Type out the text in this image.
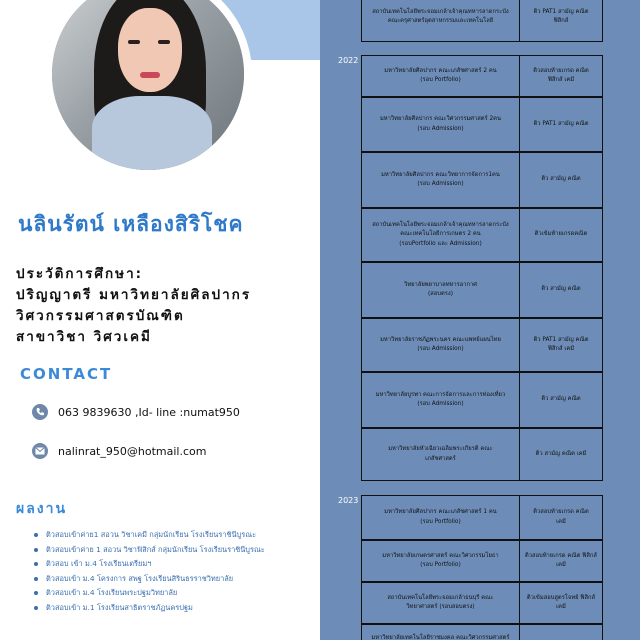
นลินรัตน์ เหลืองสิริโชค
ประวัติการศึกษา:
ปริญญาตรี มหาวิทยาลัยศิลปากร
วิศวกรรมศาสตรบัณฑิต
สาขาวิชา วิศวเคมี
CONTACT
063 9839630 ,Id- line :numat950
nalinrat_950@hotmail.com
ผลงาน
ติวสอบเข้าค่าย1 สอวน วิชาเคมี กลุ่มนักเรียน โรงเรียนราชินีบูรณะ
ติวสอบเข้าค่าย 1 สอวน วิชาฟิสิกส์ กลุ่มนักเรียน โรงเรียนราชินีบูรณะ
ติวสอบ เข้า ม.4 โรงเรียนเตรียมฯ
ติวสอบเข้า ม.4 โครงการ สพฐ โรงเรียนสิรินธรราชวิทยาลัย
ติวสอบเข้า ม.4 โรงเรียนพระปฐมวิทยาลัย
ติวสอบเข้า ม.1 โรงเรียนสาธิตราชภัฏนครปฐม
2022
2023
สถาบันเทคโนโลยีพระจอมเกล้าเจ้าคุณทหารลาดกระบัง
คณะครุศาสตร์อุตสาหกรรมและเทคโนโลยี
ติว PAT1 สามัญ คณิต
ฟิสิกส์
มหาวิทยาลัยศิลปากร คณะเภสัชศาสตร์ 2 คน
(รอบ Portfolio)
ติวสอบท้ายเกรด คณิต
ฟิสิกส์ เคมี
มหาวิทยาลัยศิลปากร คณะวิศวกรรมศาสตร์ 2คน
(รอบ Admission)
ติว PAT1 สามัญ คณิต
มหาวิทยาลัยศิลปากร คณะวิทยาการจัดการ1คน
(รอบ Admission)
ติว สามัญ คณิต
สถาบันเทคโนโลยีพระจอมเกล้าเจ้าคุณทหารลาดกระบัง
คณะเทคโนโลยีการเกษตร 2 คน
(รอบPortfolio และ Admission)
ติวเข้มท้ายเกรดคณิต
วิทยาลัยพยาบาลทหารอากาศ
(สอบตรง)
ติว สามัญ คณิต
มหาวิทยาลัยราชภัฏพระนคร คณะแพทย์แผนไทย
(รอบ Admission)
ติว PAT1 สามัญ คณิต
ฟิสิกส์ เคมี
มหาวิทยาลัยบูรพา คณะการจัดการและการท่องเที่ยว
(รอบ Admission)
ติว สามัญ คณิต
มหาวิทยาลัยหัวเฉียวเฉลิมพระเกียรติ คณะ
เภสัชศาสตร์
ติว สามัญ คณิต เคมี
มหาวิทยาลัยศิลปากร คณะเภสัชศาสตร์ 1 คน
(รอบ Portfolio)
ติวสอบท้ายเกรด คณิต
เคมี
มหาวิทยาลัยเกษตรศาสตร์ คณะวิศวกรรมโยธา
(รอบ Portfolio)
ติวสอบท้ายเกรด คณิต ฟิสิกส์
เคมี
สถาบันเทคโนโลยีพระจอมเกล้าธนบุรี คณะ
วิทยาศาสตร์ (รอบสอบตรง)
ติวเข้มสอบสูตรโจทย์ ฟิสิกส์ เคมี
มหาวิทยาลัยเทคโนโลยีราชมงคล คณะวิศวกรรมศาสตร์
